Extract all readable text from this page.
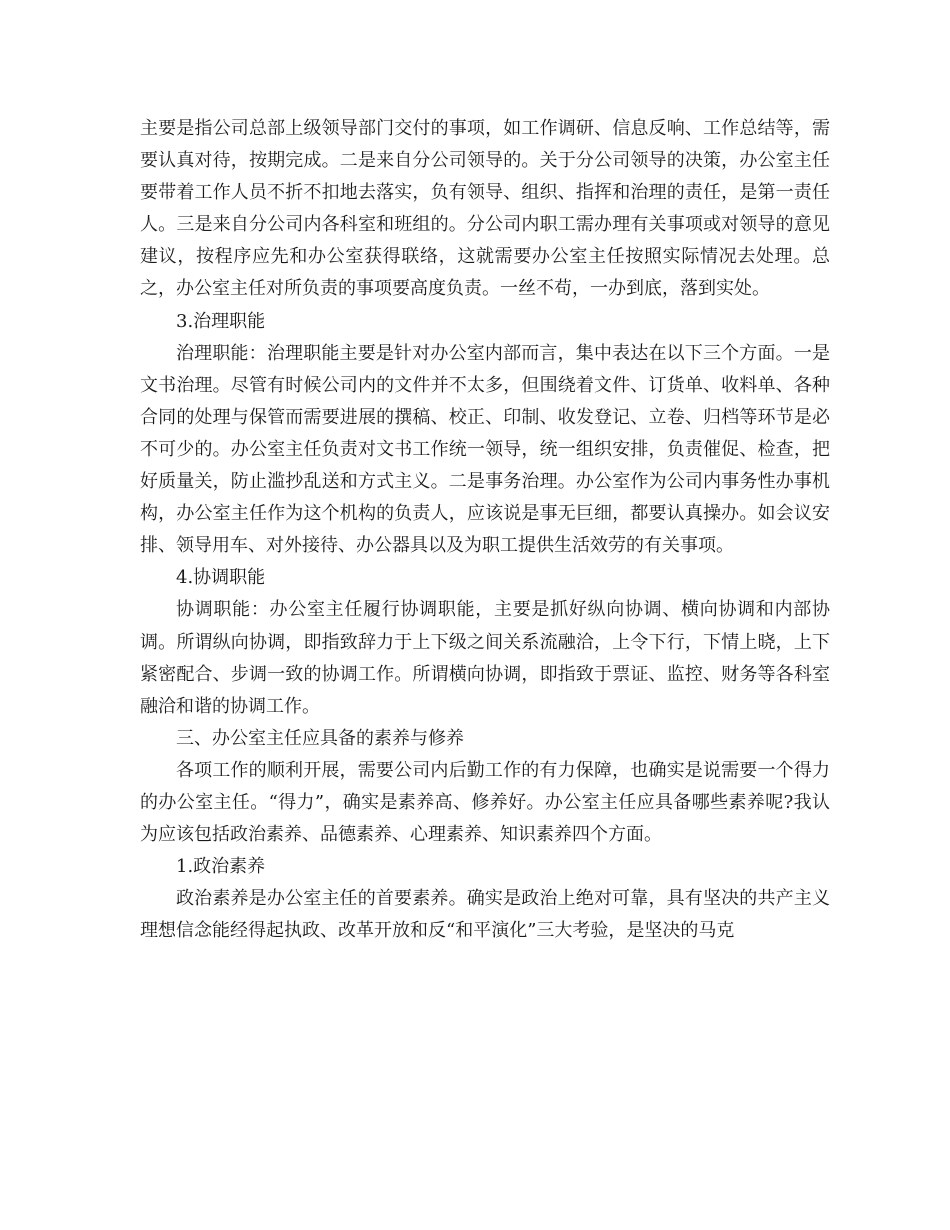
主要是指公司总部上级领导部门交付的事项，如工作调研、信息反响、工作总结等，需要认真对待，按期完成。二是来自分公司领导的。关于分公司领导的决策，办公室主任要带着工作人员不折不扣地去落实，负有领导、组织、指挥和治理的责任，是第一责任人。三是来自分公司内各科室和班组的。分公司内职工需办理有关事项或对领导的意见建议，按程序应先和办公室获得联络，这就需要办公室主任按照实际情况去处理。总之，办公室主任对所负责的事项要高度负责。一丝不苟，一办到底，落到实处。

3.治理职能

治理职能：治理职能主要是针对办公室内部而言，集中表达在以下三个方面。一是文书治理。尽管有时候公司内的文件并不太多，但围绕着文件、订货单、收料单、各种合同的处理与保管而需要进展的撰稿、校正、印制、收发登记、立卷、归档等环节是必不可少的。办公室主任负责对文书工作统一领导，统一组织安排，负责催促、检查，把好质量关，防止滥抄乱送和方式主义。二是事务治理。办公室作为公司内事务性办事机构，办公室主任作为这个机构的负责人，应该说是事无巨细，都要认真操办。如会议安排、领导用车、对外接待、办公器具以及为职工提供生活效劳的有关事项。

4.协调职能

协调职能：办公室主任履行协调职能，主要是抓好纵向协调、横向协调和内部协调。所谓纵向协调，即指致辞力于上下级之间关系流融洽，上令下行，下情上晓，上下紧密配合、步调一致的协调工作。所谓横向协调，即指致于票证、监控、财务等各科室融洽和谐的协调工作。

三、办公室主任应具备的素养与修养

各项工作的顺利开展，需要公司内后勤工作的有力保障，也确实是说需要一个得力的办公室主任。“得力”，确实是素养高、修养好。办公室主任应具备哪些素养呢?我认为应该包括政治素养、品德素养、心理素养、知识素养四个方面。

1.政治素养

政治素养是办公室主任的首要素养。确实是政治上绝对可靠，具有坚决的共产主义理想信念能经得起执政、改革开放和反“和平演化”三大考验，是坚决的马克
